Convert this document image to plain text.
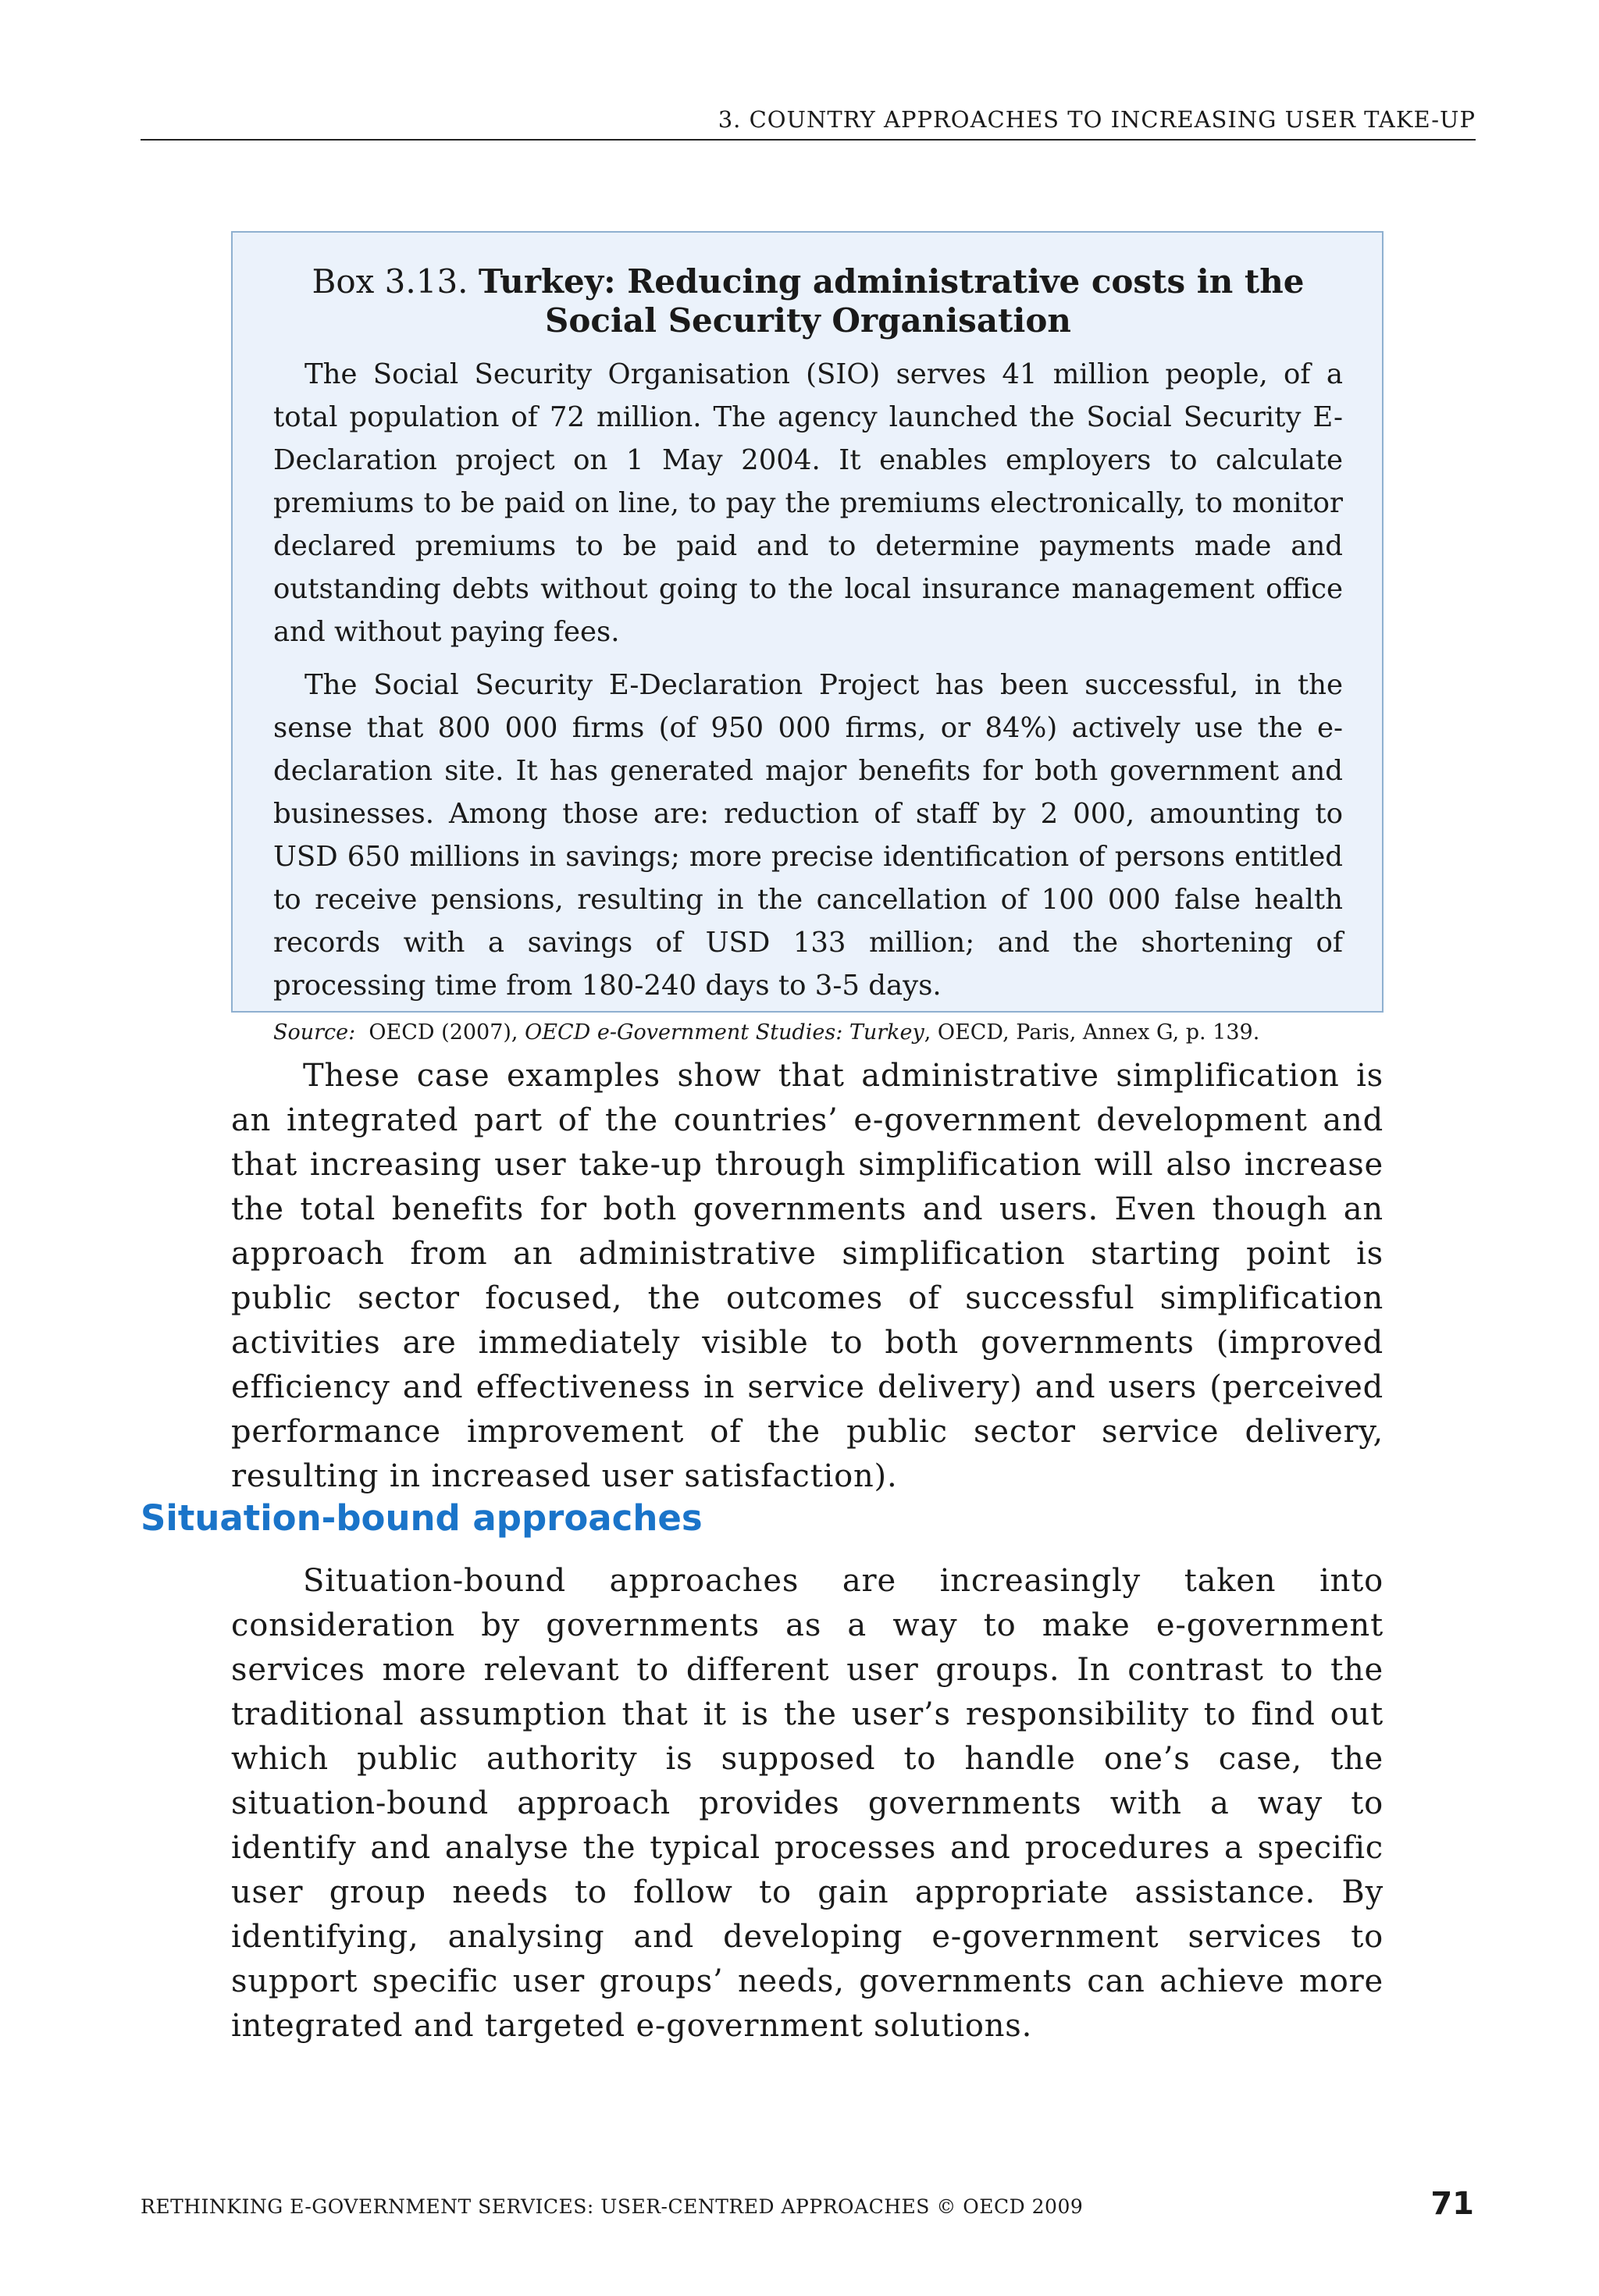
3. COUNTRY APPROACHES TO INCREASING USER TAKE-UP
Box 3.13. Turkey: Reducing administrative costs in the Social Security Organisation

The Social Security Organisation (SIO) serves 41 million people, of a total population of 72 million. The agency launched the Social Security E-Declaration project on 1 May 2004. It enables employers to calculate premiums to be paid on line, to pay the premiums electronically, to monitor declared premiums to be paid and to determine payments made and outstanding debts without going to the local insurance management office and without paying fees.

The Social Security E-Declaration Project has been successful, in the sense that 800 000 firms (of 950 000 firms, or 84%) actively use the e-declaration site. It has generated major benefits for both government and businesses. Among those are: reduction of staff by 2 000, amounting to USD 650 millions in savings; more precise identification of persons entitled to receive pensions, resulting in the cancellation of 100 000 false health records with a savings of USD 133 million; and the shortening of processing time from 180-240 days to 3-5 days.

Source: OECD (2007), OECD e-Government Studies: Turkey, OECD, Paris, Annex G, p. 139.

These case examples show that administrative simplification is an integrated part of the countries’ e-government development and that increasing user take-up through simplification will also increase the total benefits for both governments and users. Even though an approach from an administrative simplification starting point is public sector focused, the outcomes of successful simplification activities are immediately visible to both governments (improved efficiency and effectiveness in service delivery) and users (perceived performance improvement of the public sector service delivery, resulting in increased user satisfaction).

Situation-bound approaches

Situation-bound approaches are increasingly taken into consideration by governments as a way to make e-government services more relevant to different user groups. In contrast to the traditional assumption that it is the user’s responsibility to find out which public authority is supposed to handle one’s case, the situation-bound approach provides governments with a way to identify and analyse the typical processes and procedures a specific user group needs to follow to gain appropriate assistance. By identifying, analysing and developing e-government services to support specific user groups’ needs, governments can achieve more integrated and targeted e-government solutions.

RETHINKING E-GOVERNMENT SERVICES: USER-CENTRED APPROACHES © OECD 2009	71
